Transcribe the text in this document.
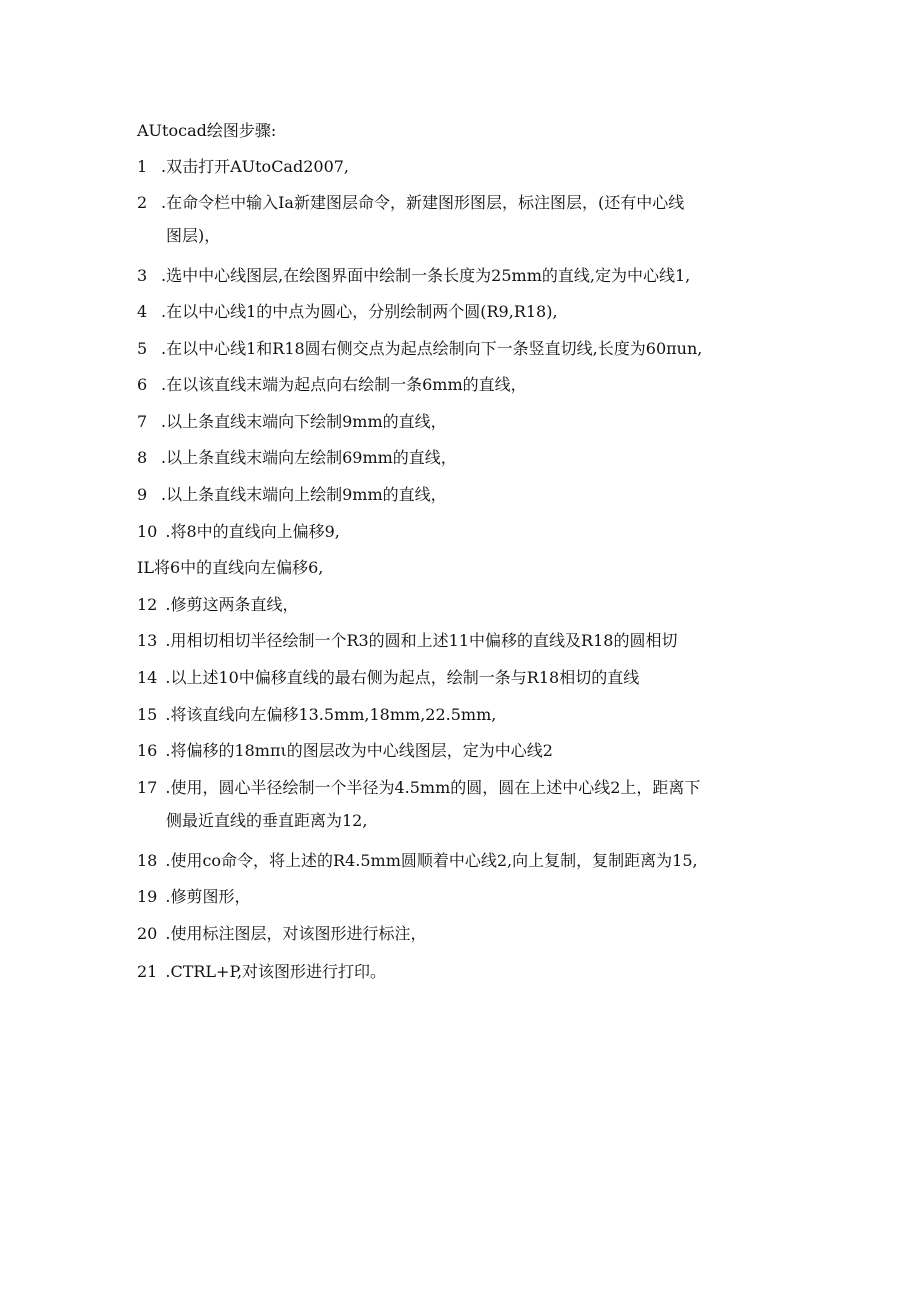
AUtocad绘图步骤:
1 .双击打开AUtoCad2007,
2 .在命令栏中输入Ia新建图层命令，新建图形图层，标注图层，(还有中心线
图层)，
3 .选中中心线图层,在绘图界面中绘制一条长度为25mm的直线,定为中心线1,
4 .在以中心线1的中点为圆心，分别绘制两个圆(R9,R18),
5 .在以中心线1和R18圆右侧交点为起点绘制向下一条竖直切线,长度为60πun,
6 .在以该直线末端为起点向右绘制一条6mm的直线，
7 .以上条直线末端向下绘制9mm的直线，
8 .以上条直线末端向左绘制69mm的直线，
9 .以上条直线末端向上绘制9mm的直线，
10 .将8中的直线向上偏移9,
IL将6中的直线向左偏移6,
12 .修剪这两条直线，
13 .用相切相切半径绘制一个R3的圆和上述11中偏移的直线及R18的圆相切
14 .以上述10中偏移直线的最右侧为起点，绘制一条与R18相切的直线
15 .将该直线向左偏移13.5mm,18mm,22.5mm,
16 .将偏移的18mπι的图层改为中心线图层，定为中心线2
17 .使用，圆心半径绘制一个半径为4.5mm的圆，圆在上述中心线2上，距离下
侧最近直线的垂直距离为12,
18 .使用co命令，将上述的R4.5mm圆顺着中心线2,向上复制，复制距离为15,
19 .修剪图形，
20 .使用标注图层，对该图形进行标注，
21 .CTRL+P,对该图形进行打印。
